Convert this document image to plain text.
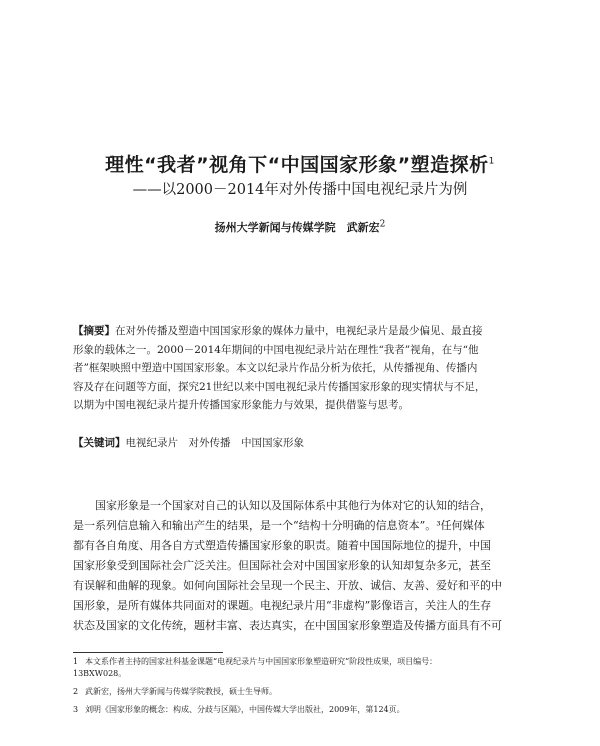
理性“我者”视角下“中国国家形象”塑造探析$^1$
——以2000－2014年对外传播中国电视纪录片为例
扬州大学新闻与传媒学院　武新宏$^2$
【摘要】在对外传播及塑造中国国家形象的媒体力量中，电视纪录片是最少偏见、最直接
形象的载体之一。2000－2014年期间的中国电视纪录片站在理性“我者”视角，在与“他
者”框架映照中塑造中国国家形象。本文以纪录片作品分析为依托，从传播视角、传播内
容及存在问题等方面，探究21世纪以来中国电视纪录片传播国家形象的现实情状与不足，
以期为中国电视纪录片提升传播国家形象能力与效果，提供借鉴与思考。
【关键词】电视纪录片　对外传播　中国国家形象
国家形象是一个国家对自己的认知以及国际体系中其他行为体对它的认知的结合，
是一系列信息输入和输出产生的结果，是一个“结构十分明确的信息资本”。³任何媒体
都有各自角度、用各自方式塑造传播国家形象的职责。随着中国国际地位的提升，中国
国家形象受到国际社会广泛关注。但国际社会对中国国家形象的认知却复杂多元，甚至
有误解和曲解的现象。如何向国际社会呈现一个民主、开放、诚信、友善、爱好和平的中
国形象，是所有媒体共同面对的课题。电视纪录片用“非虚构”影像语言，关注人的生存
状态及国家的文化传统，题材丰富、表达真实，在中国国家形象塑造及传播方面具有不可
1 本文系作者主持的国家社科基金课题“电视纪录片与中国国家形象塑造研究”阶段性成果，项目编号：
13BXW028。
2 武新宏，扬州大学新闻与传媒学院教授，硕士生导师。
3 刘明《国家形象的概念：构成、分歧与区隔》，中国传媒大学出版社，2009年，第124页。
